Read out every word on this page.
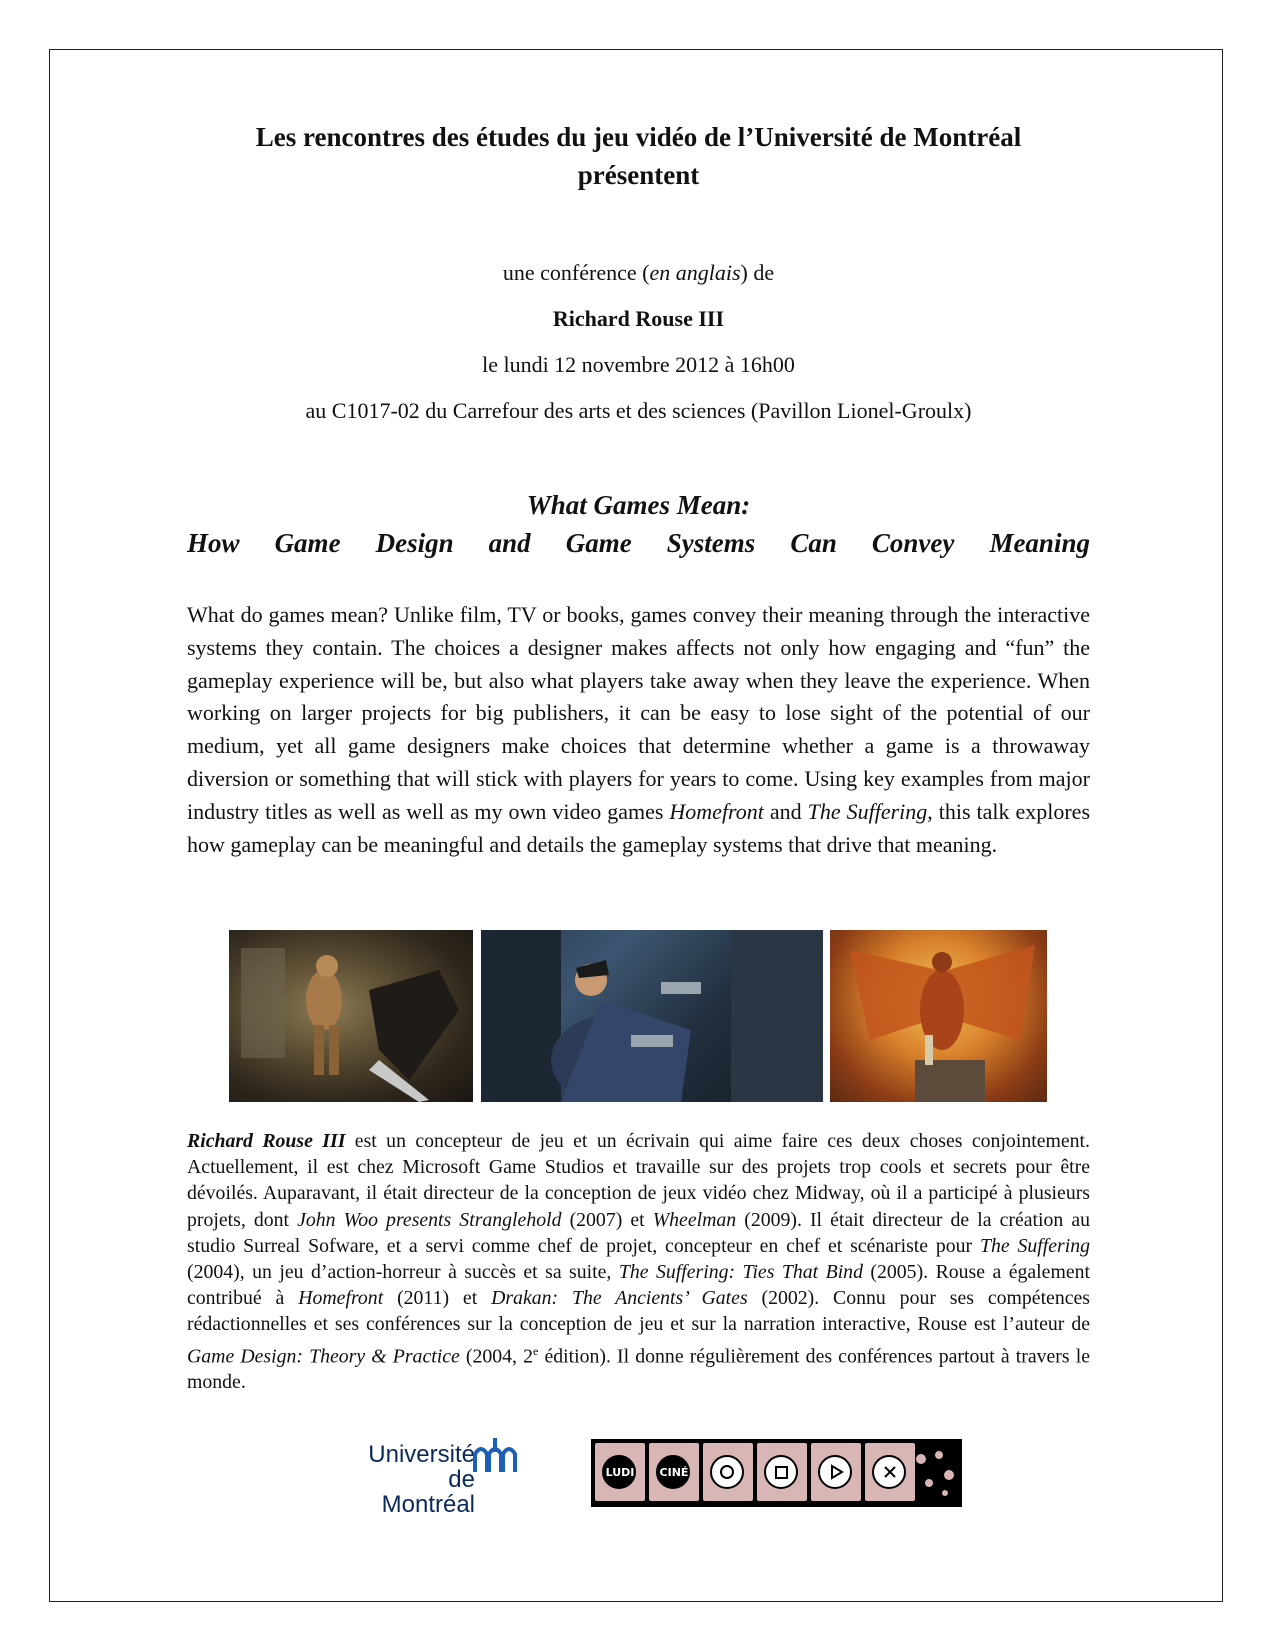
Les rencontres des études du jeu vidéo de l’Université de Montréal
présentent
une conférence (en anglais) de
Richard Rouse III
le lundi 12 novembre 2012 à 16h00
au C1017-02 du Carrefour des arts et des sciences (Pavillon Lionel-Groulx)
What Games Mean:
How Game Design and Game Systems Can Convey Meaning
What do games mean? Unlike film, TV or books, games convey their meaning through the interactive systems they contain. The choices a designer makes affects not only how engaging and “fun” the gameplay experience will be, but also what players take away when they leave the experience. When working on larger projects for big publishers, it can be easy to lose sight of the potential of our medium, yet all game designers make choices that determine whether a game is a throwaway diversion or something that will stick with players for years to come. Using key examples from major industry titles as well as well as my own video games Homefront and The Suffering, this talk explores how gameplay can be meaningful and details the gameplay systems that drive that meaning.
Richard Rouse III est un concepteur de jeu et un écrivain qui aime faire ces deux choses conjointement. Actuellement, il est chez Microsoft Game Studios et travaille sur des projets trop cools et secrets pour être dévoilés. Auparavant, il était directeur de la conception de jeux vidéo chez Midway, où il a participé à plusieurs projets, dont John Woo presents Stranglehold (2007) et Wheelman (2009). Il était directeur de la création au studio Surreal Sofware, et a servi comme chef de projet, concepteur en chef et scénariste pour The Suffering (2004), un jeu d’action-horreur à succès et sa suite, The Suffering: Ties That Bind (2005). Rouse a également contribué à Homefront (2011) et Drakan: The Ancients’ Gates (2002). Connu pour ses compétences rédactionnelles et ses conférences sur la conception de jeu et sur la narration interactive, Rouse est l’auteur de Game Design: Theory & Practice (2004, 2e édition). Il donne régulièrement des conférences partout à travers le monde.
Université
de Montréal
LUDI	CINÉ
